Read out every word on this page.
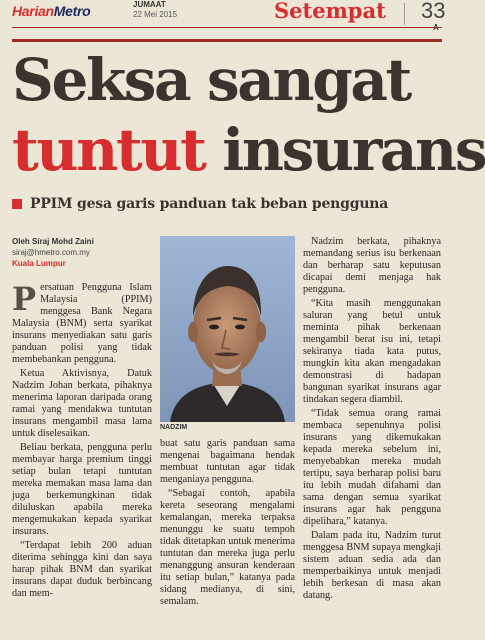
HarianMetro	JUMAAT
22 Mei 2015	Setempat 33
Seksa sangat
tuntut insurans
PPIM gesa garis panduan tak beban pengguna
Oleh Siraj Mohd Zaini
siraj@hmetro.com.my
Kuala Lumpur

Persatuan Pengguna Islam Malaysia (PPIM) menggesa Bank Negara Malaysia (BNM) serta syarikat insurans menyediakan satu garis panduan polisi yang tidak membebankan pengguna.

Ketua Aktivisnya, Datuk Nadzim Johan berkata, pihaknya menerima laporan daripada orang ramai yang mendakwa tuntutan insurans mengambil masa lama untuk diselesaikan.

Beliau berkata, pengguna perlu membayar harga premium tinggi setiap bulan tetapi tuntutan mereka memakan masa lama dan juga berkemungkinan tidak diluluskan apabila mereka mengemukakan kepada syarikat insurans.

“Terdapat lebih 200 aduan diterima sehingga kini dan saya harap pihak BNM dan syarikat insurans dapat duduk berbincang dan mem-

NADZIM

buat satu garis panduan sama mengenai bagaimana hendak membuat tuntutan agar tidak menganiaya pengguna.

“Sebagai contoh, apabila kereta seseorang mengalami kemalangan, mereka terpaksa menunggu ke suatu tempoh tidak ditetapkan untuk menerima tuntutan dan mereka juga perlu menanggung ansuran kenderaan itu setiap bulan,” katanya pada sidang medianya, di sini, semalam.

Nadzim berkata, pihaknya memandang serius isu berkenaan dan berharap satu keputusan dicapai demi menjaga hak pengguna.

“Kita masih menggunakan saluran yang betul untuk meminta pihak berkenaan mengambil berat isu ini, tetapi sekiranya tiada kata putus, mungkin kita akan mengadakan demonstrasi di hadapan bangunan syarikat insurans agar tindakan segera diambil.

“Tidak semua orang ramai membaca sepenuhnya polisi insurans yang dikemukakan kepada mereka sebelum ini, menyebabkan mereka mudah tertipu, saya berharap polisi baru itu lebih mudah difahami dan sama dengan semua syarikat insurans agar hak pengguna dipelihara,” katanya.

Dalam pada itu, Nadzim turut menggesa BNM supaya mengkaji sistem aduan sedia ada dan memperbaikinya untuk menjadi lebih berkesan di masa akan datang.
